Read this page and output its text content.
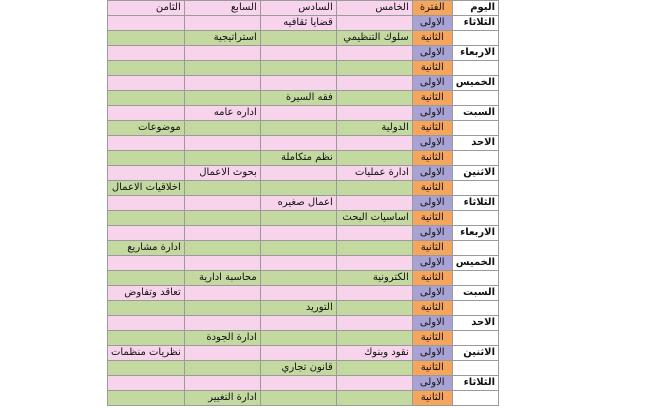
اليوم	الفترة	الخامس	السادس	السابع	الثامن
الثلاثاء	الاولى		قضايا ثقافيه		
	الثانية	سلوك التنظيمي		استراتيجية	
الاربعاء	الاولى				
	الثانية				
الخميس	الاولى				
	الثانية		فقه السيرة		
السبت	الاولى			اداره عامه	
	الثانية	الدولية			موضوعات
الاحد	الاولى				
	الثانية		نظم متكاملة		
الاثنين	الاولى	ادارة عمليات		بحوث الاعمال	
	الثانية				اخلاقيات الاعمال
الثلاثاء	الاولى		اعمال صغيره		
	الثانية	اساسيات البحث			
الاربعاء	الاولى				
	الثانية				ادارة مشاريع
الخميس	الاولى				
	الثانية	الكترونية		محاسبة ادارية	
السبت	الاولى				تعاقد وتفاوض
	الثانية		التوريد		
الاحد	الاولى				
	الثانية			ادارة الجودة	
الاثنين	الاولى	نقود وبنوك			نظريات منظمات
	الثانية		قانون تجاري		
الثلاثاء	الاولى				
	الثانية			ادارة التغيير	
